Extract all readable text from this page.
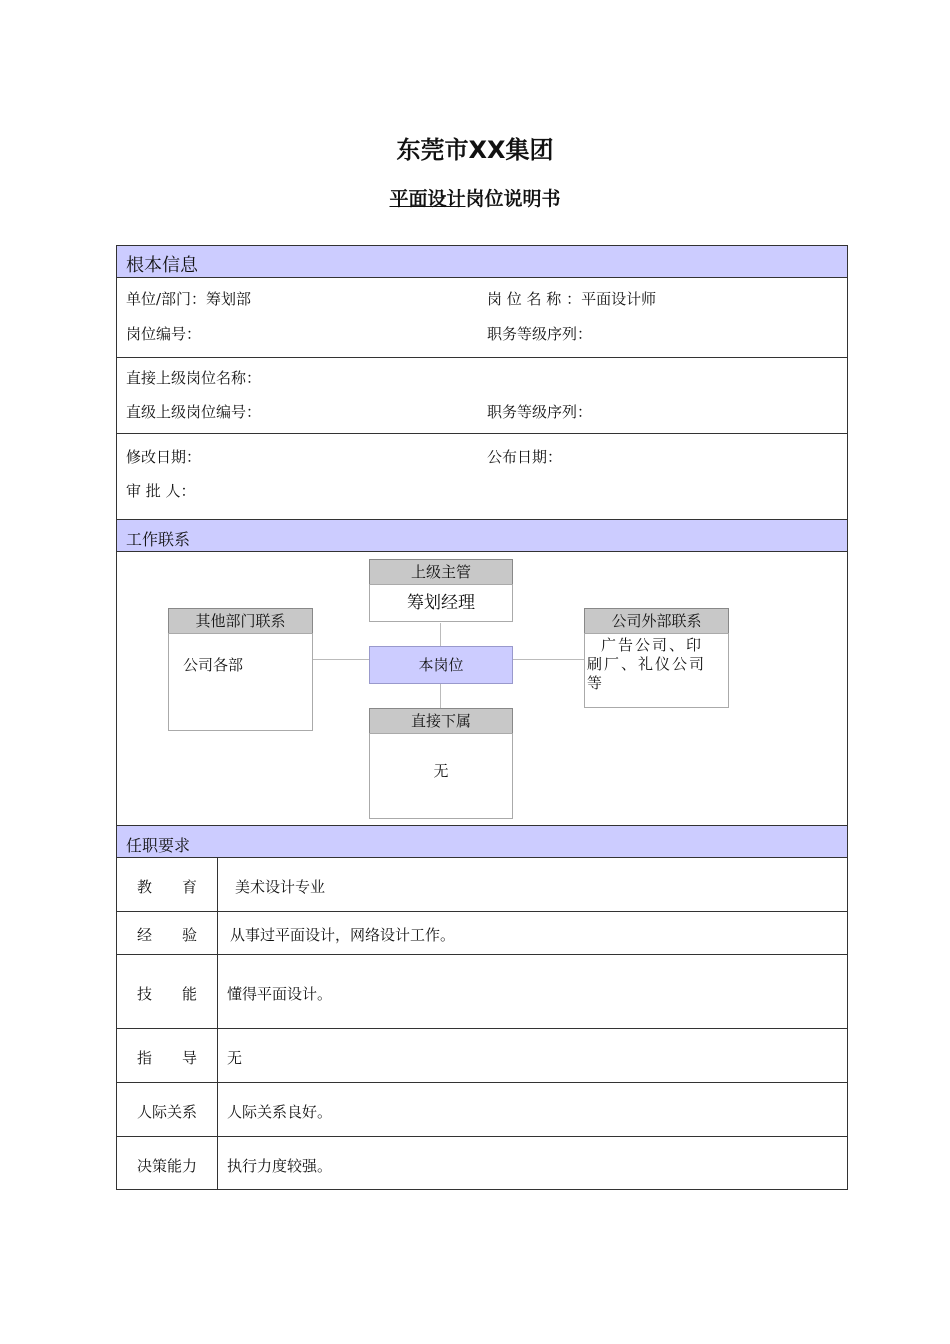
东莞市XX集团
平面设计岗位说明书
根本信息
单位/部门：筹划部	岗 位 名 称 ：平面设计师
岗位编号：	职务等级序列：
直接上级岗位名称：
直级上级岗位编号：	职务等级序列：
修改日期：	公布日期：
审 批 人：
工作联系
上级主管
筹划经理
其他部门联系
公司各部	本岗位
公司外部联系
广告公司、印刷厂、礼仪公司等
直接下属
无
任职要求
教　　育	美术设计专业
经　　验	从事过平面设计，网络设计工作。
技　　能	懂得平面设计。
指　　导	无
人际关系	人际关系良好。
决策能力	执行力度较强。
